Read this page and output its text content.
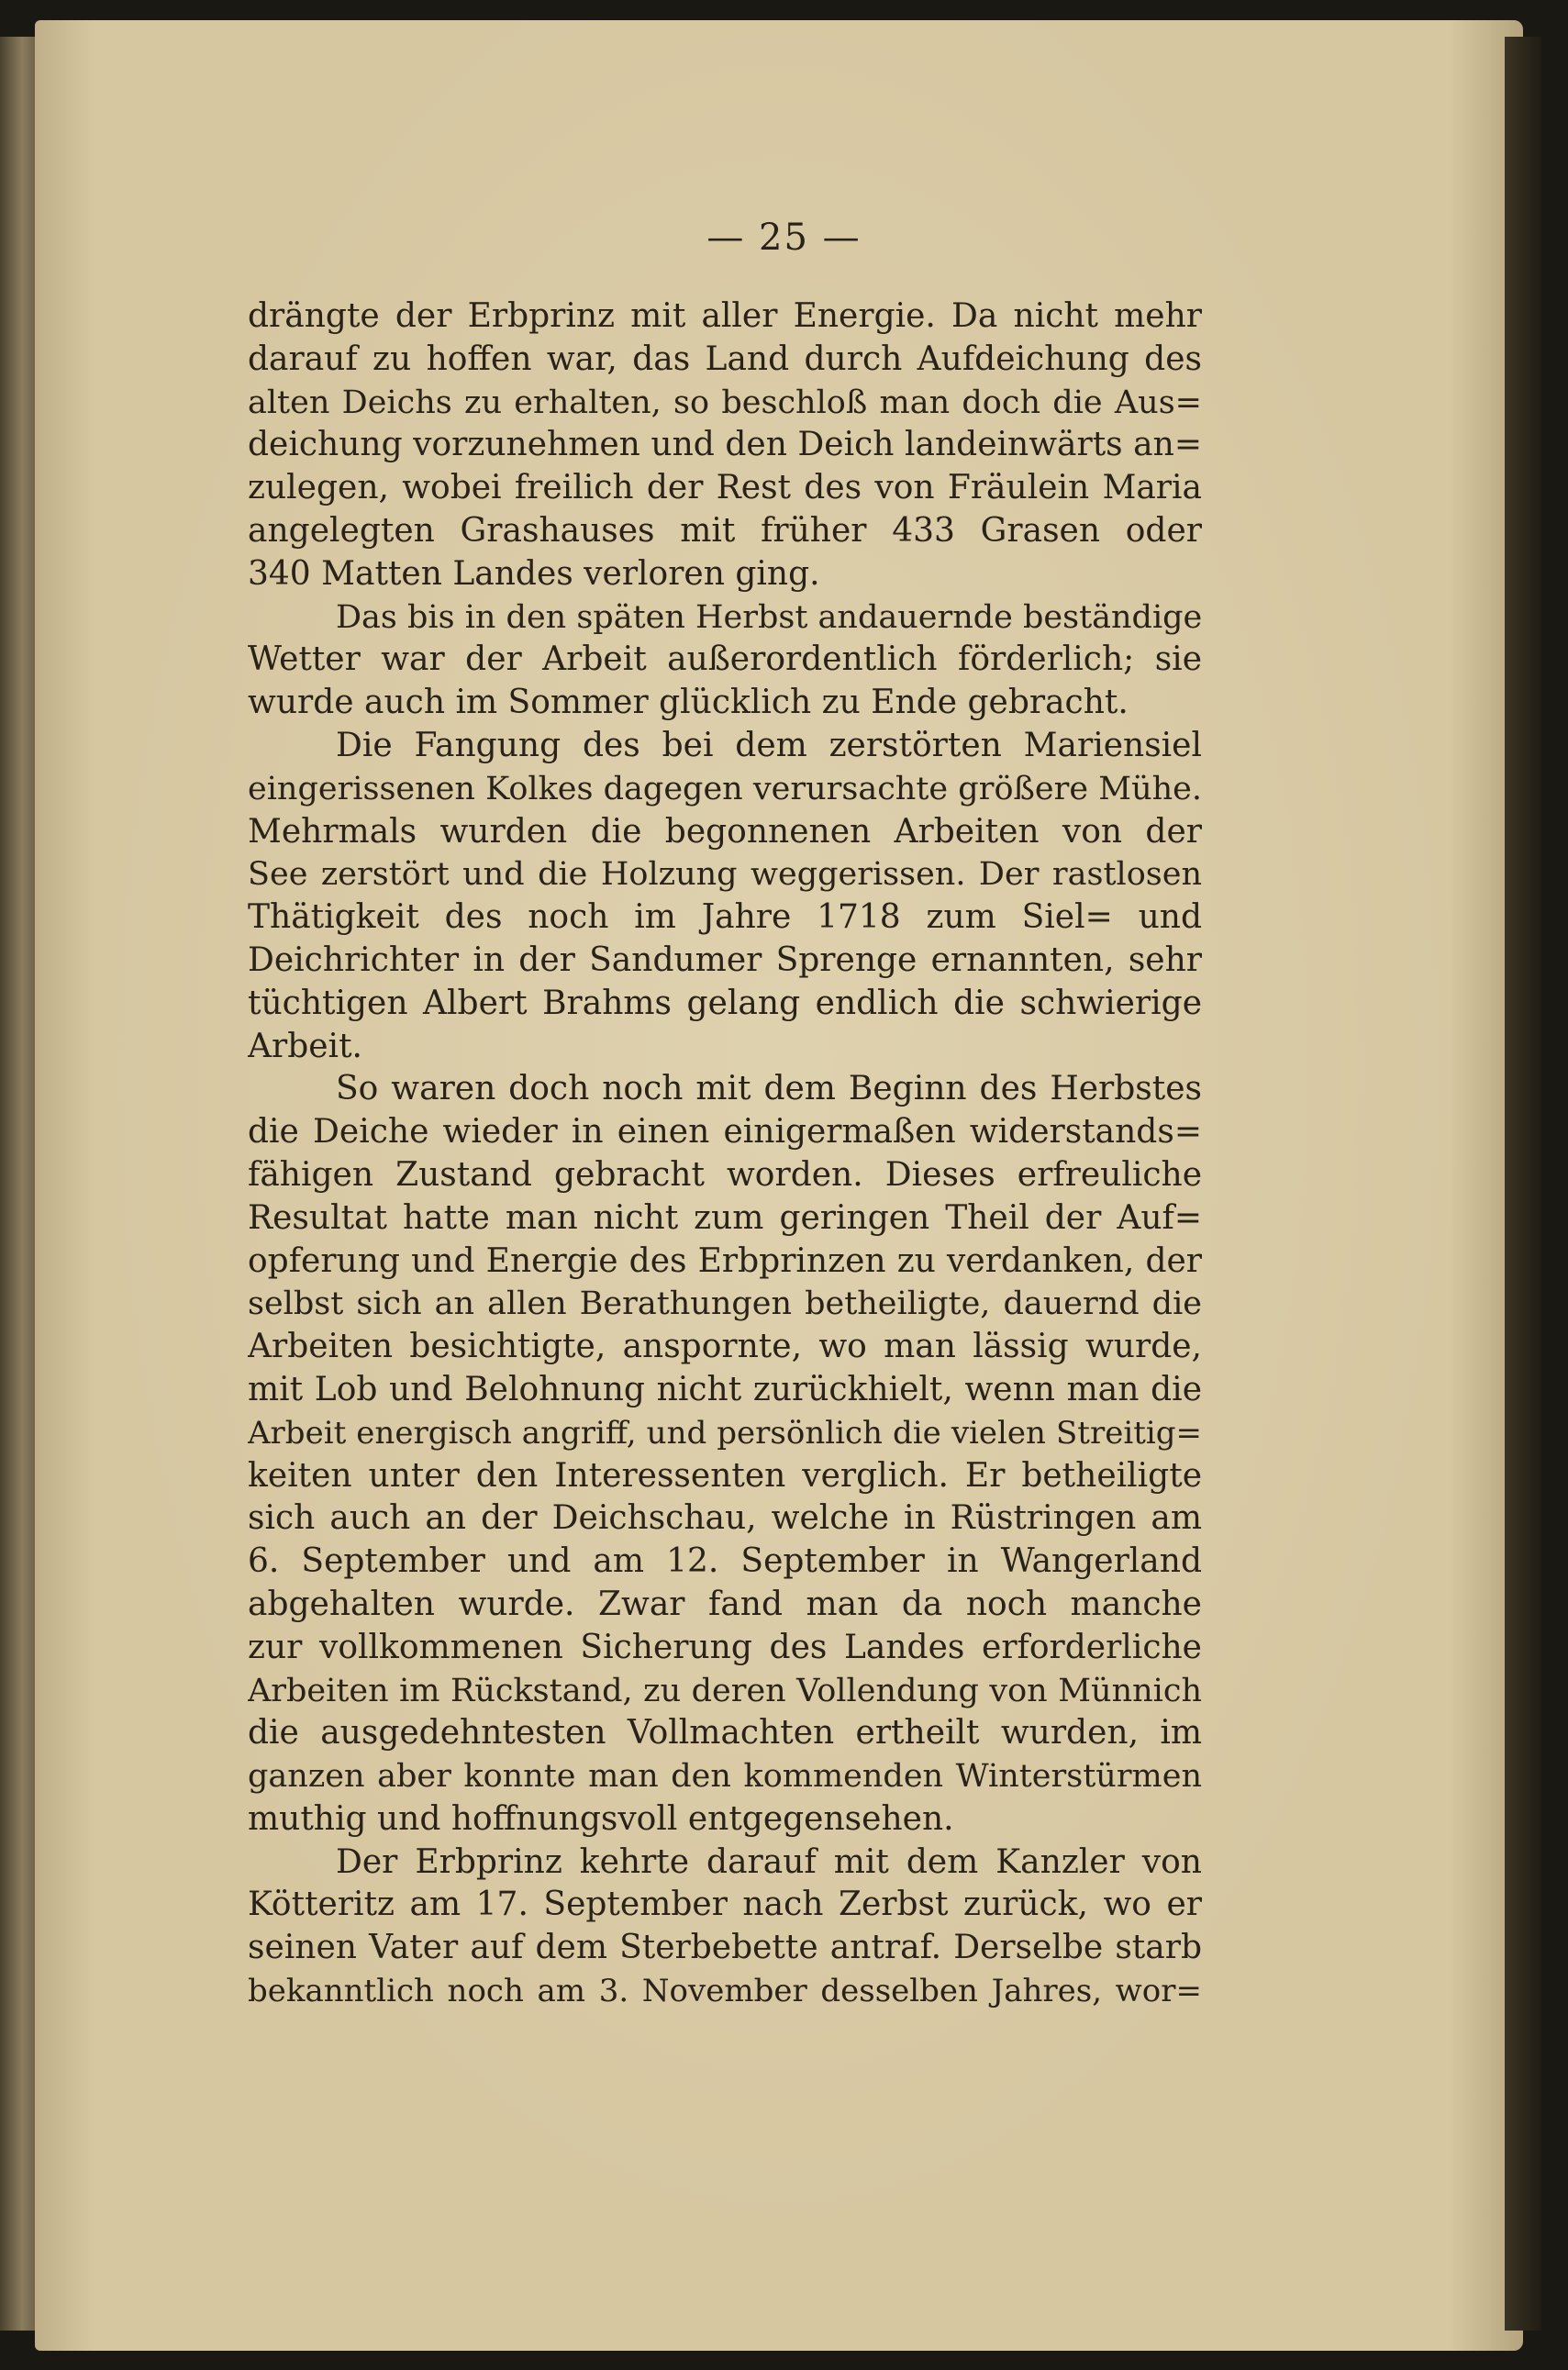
— 25 —
drängte der Erbprinz mit aller Energie. Da nicht mehr
darauf zu hoffen war, das Land durch Aufdeichung des
alten Deichs zu erhalten, so beschloß man doch die Aus=
deichung vorzunehmen und den Deich landeinwärts an=
zulegen, wobei freilich der Rest des von Fräulein Maria
angelegten Grashauses mit früher 433 Grasen oder
340 Matten Landes verloren ging.
Das bis in den späten Herbst andauernde beständige
Wetter war der Arbeit außerordentlich förderlich; sie
wurde auch im Sommer glücklich zu Ende gebracht.
Die Fangung des bei dem zerstörten Mariensiel
eingerissenen Kolkes dagegen verursachte größere Mühe.
Mehrmals wurden die begonnenen Arbeiten von der
See zerstört und die Holzung weggerissen. Der rastlosen
Thätigkeit des noch im Jahre 1718 zum Siel= und
Deichrichter in der Sandumer Sprenge ernannten, sehr
tüchtigen Albert Brahms gelang endlich die schwierige
Arbeit.
So waren doch noch mit dem Beginn des Herbstes
die Deiche wieder in einen einigermaßen widerstands=
fähigen Zustand gebracht worden. Dieses erfreuliche
Resultat hatte man nicht zum geringen Theil der Auf=
opferung und Energie des Erbprinzen zu verdanken, der
selbst sich an allen Berathungen betheiligte, dauernd die
Arbeiten besichtigte, anspornte, wo man lässig wurde,
mit Lob und Belohnung nicht zurückhielt, wenn man die
Arbeit energisch angriff, und persönlich die vielen Streitig=
keiten unter den Interessenten verglich. Er betheiligte
sich auch an der Deichschau, welche in Rüstringen am
6. September und am 12. September in Wangerland
abgehalten wurde. Zwar fand man da noch manche
zur vollkommenen Sicherung des Landes erforderliche
Arbeiten im Rückstand, zu deren Vollendung von Münnich
die ausgedehntesten Vollmachten ertheilt wurden, im
ganzen aber konnte man den kommenden Winterstürmen
muthig und hoffnungsvoll entgegensehen.
Der Erbprinz kehrte darauf mit dem Kanzler von
Kötteritz am 17. September nach Zerbst zurück, wo er
seinen Vater auf dem Sterbebette antraf. Derselbe starb
bekanntlich noch am 3. November desselben Jahres, wor=
